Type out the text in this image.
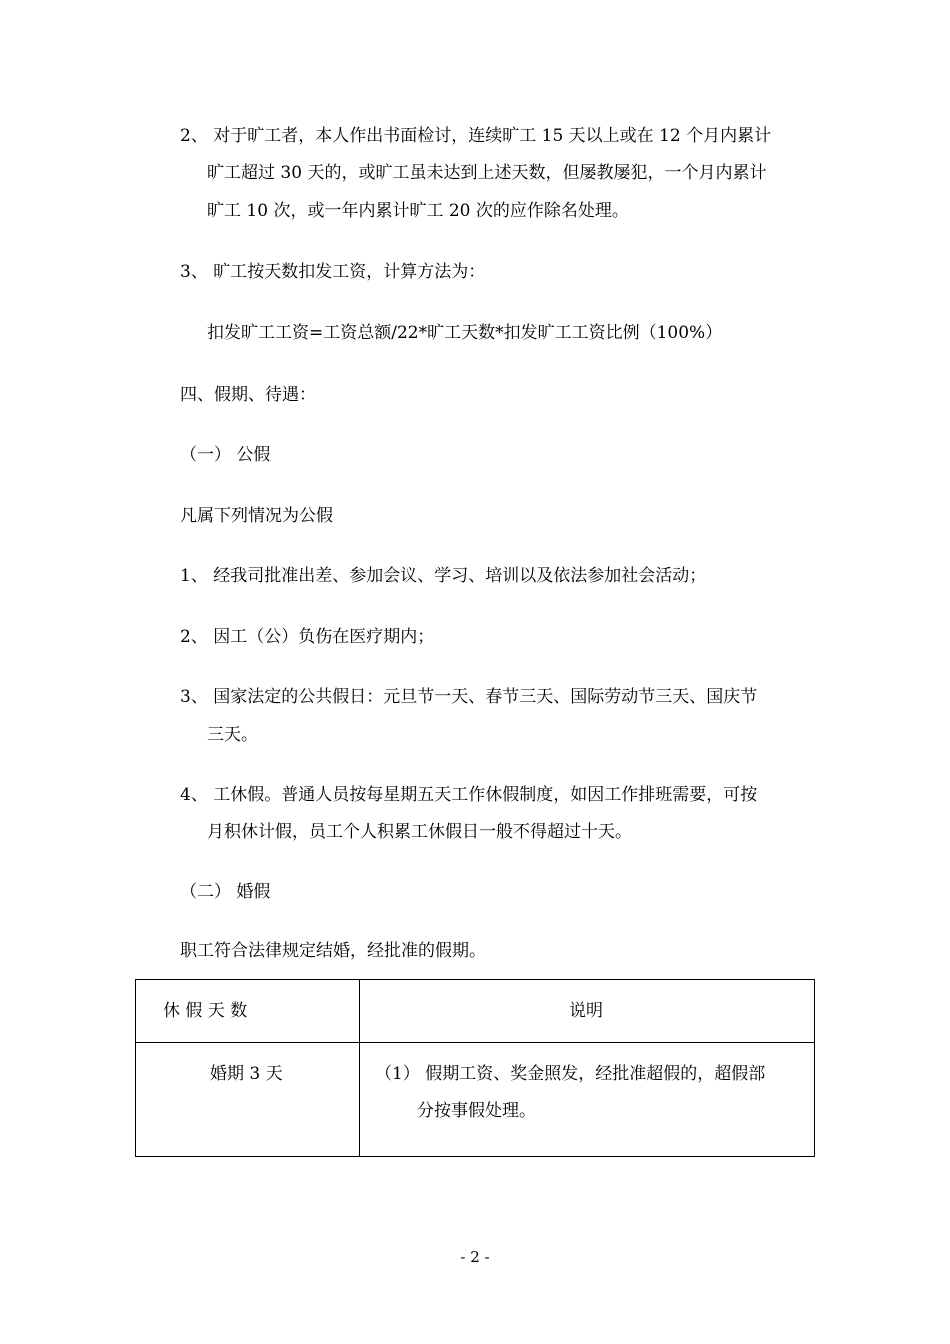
2、 对于旷工者，本人作出书面检讨，连续旷工 15 天以上或在 12 个月内累计
旷工超过 30 天的，或旷工虽未达到上述天数，但屡教屡犯，一个月内累计
旷工 10 次，或一年内累计旷工 20 次的应作除名处理。
3、 旷工按天数扣发工资，计算方法为：
扣发旷工工资=工资总额/22*旷工天数*扣发旷工工资比例（100%）
四、假期、待遇：
（一） 公假
凡属下列情况为公假
1、 经我司批准出差、参加会议、学习、培训以及依法参加社会活动；
2、 因工（公）负伤在医疗期内；
3、 国家法定的公共假日：元旦节一天、春节三天、国际劳动节三天、国庆节
三天。
4、 工休假。普通人员按每星期五天工作休假制度，如因工作排班需要，可按
月积休计假，员工个人积累工休假日一般不得超过十天。
（二） 婚假
职工符合法律规定结婚，经批准的假期。
休 假 天 数	说明
婚期 3 天	（1） 假期工资、奖金照发，经批准超假的，超假部
分按事假处理。
- 2 -
